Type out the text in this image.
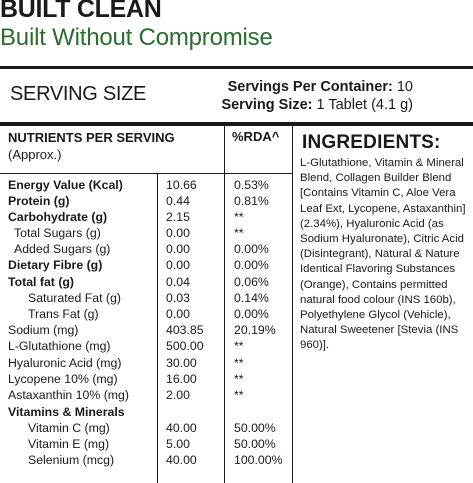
BUILT CLEAN
Built Without Compromise
SERVING SIZE	Servings Per Container: 10
Serving Size: 1 Tablet (4.1 g)
NUTRIENTS PER SERVING
(Approx.)
%RDA^
Energy Value (Kcal)	10.66	0.53%
Protein (g)	0.44	0.81%
Carbohydrate (g)	2.15	**
Total Sugars (g)	0.00	**
Added Sugars (g)	0.00	0.00%
Dietary Fibre (g)	0.00	0.00%
Total fat (g)	0.04	0.06%
Saturated Fat (g)	0.03	0.14%
Trans Fat (g)	0.00	0.00%
Sodium (mg)	403.85 20.19%
L-Glutathione (mg)	500.00 **
Hyaluronic Acid (mg)	30.00	**
Lycopene 10% (mg)	16.00	**
Astaxanthin 10% (mg)	2.00	**
Vitamins & Minerals
Vitamin C (mg)	40.00	50.00%
Vitamin E (mg)	5.00	50.00%
Selenium (mcg)	40.00	100.00%
INGREDIENTS:
L-Glutathione, Vitamin & Mineral Blend, Collagen Builder Blend [Contains Vitamin C, Aloe Vera Leaf Ext, Lycopene, Astaxanthin] (2.34%), Hyaluronic Acid (as Sodium Hyaluronate), Citric Acid (Disintegrant), Natural & Nature Identical Flavoring Substances (Orange), Contains permitted natural food colour (INS 160b), Polyethylene Glycol (Vehicle), Natural Sweetener [Stevia (INS 960)].
